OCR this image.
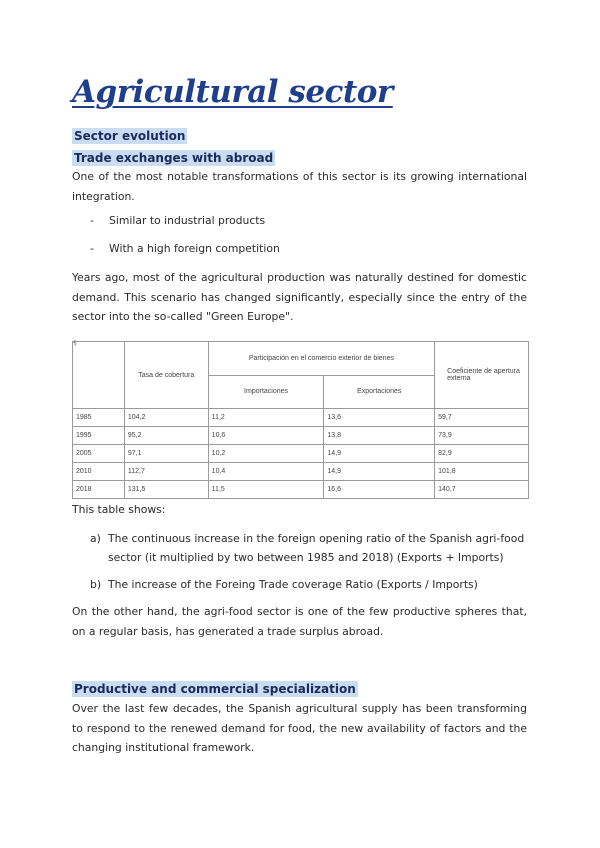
Agricultural sector
Sector evolution
Trade exchanges with abroad
One of the most notable transformations of this sector is its growing international integration.
- Similar to industrial products
- With a high foreign competition
Years ago, most of the agricultural production was naturally destined for domestic demand. This scenario has changed significantly, especially since the entry of the sector into the so-called "Green Europe".
¶
	Tasa de cobertura	Participación en el comercio exterior de bienes		Coeficiente de apertura externa
		Importaciones	Exportaciones	
1985	104,2	11,2	13,6	59,7
1995	95,2	10,6	13,8	73,9
2005	97,1	10,2	14,9	82,9
2010	112,7	10,4	14,9	101,8
2018	131,5	11,5	16,6	140,7
This table shows:
a) The continuous increase in the foreign opening ratio of the Spanish agri-food sector (it multiplied by two between 1985 and 2018) (Exports + Imports)
b) The increase of the Foreing Trade coverage Ratio (Exports / Imports)
On the other hand, the agri-food sector is one of the few productive spheres that, on a regular basis, has generated a trade surplus abroad.
Productive and commercial specialization
Over the last few decades, the Spanish agricultural supply has been transforming to respond to the renewed demand for food, the new availability of factors and the changing institutional framework.
